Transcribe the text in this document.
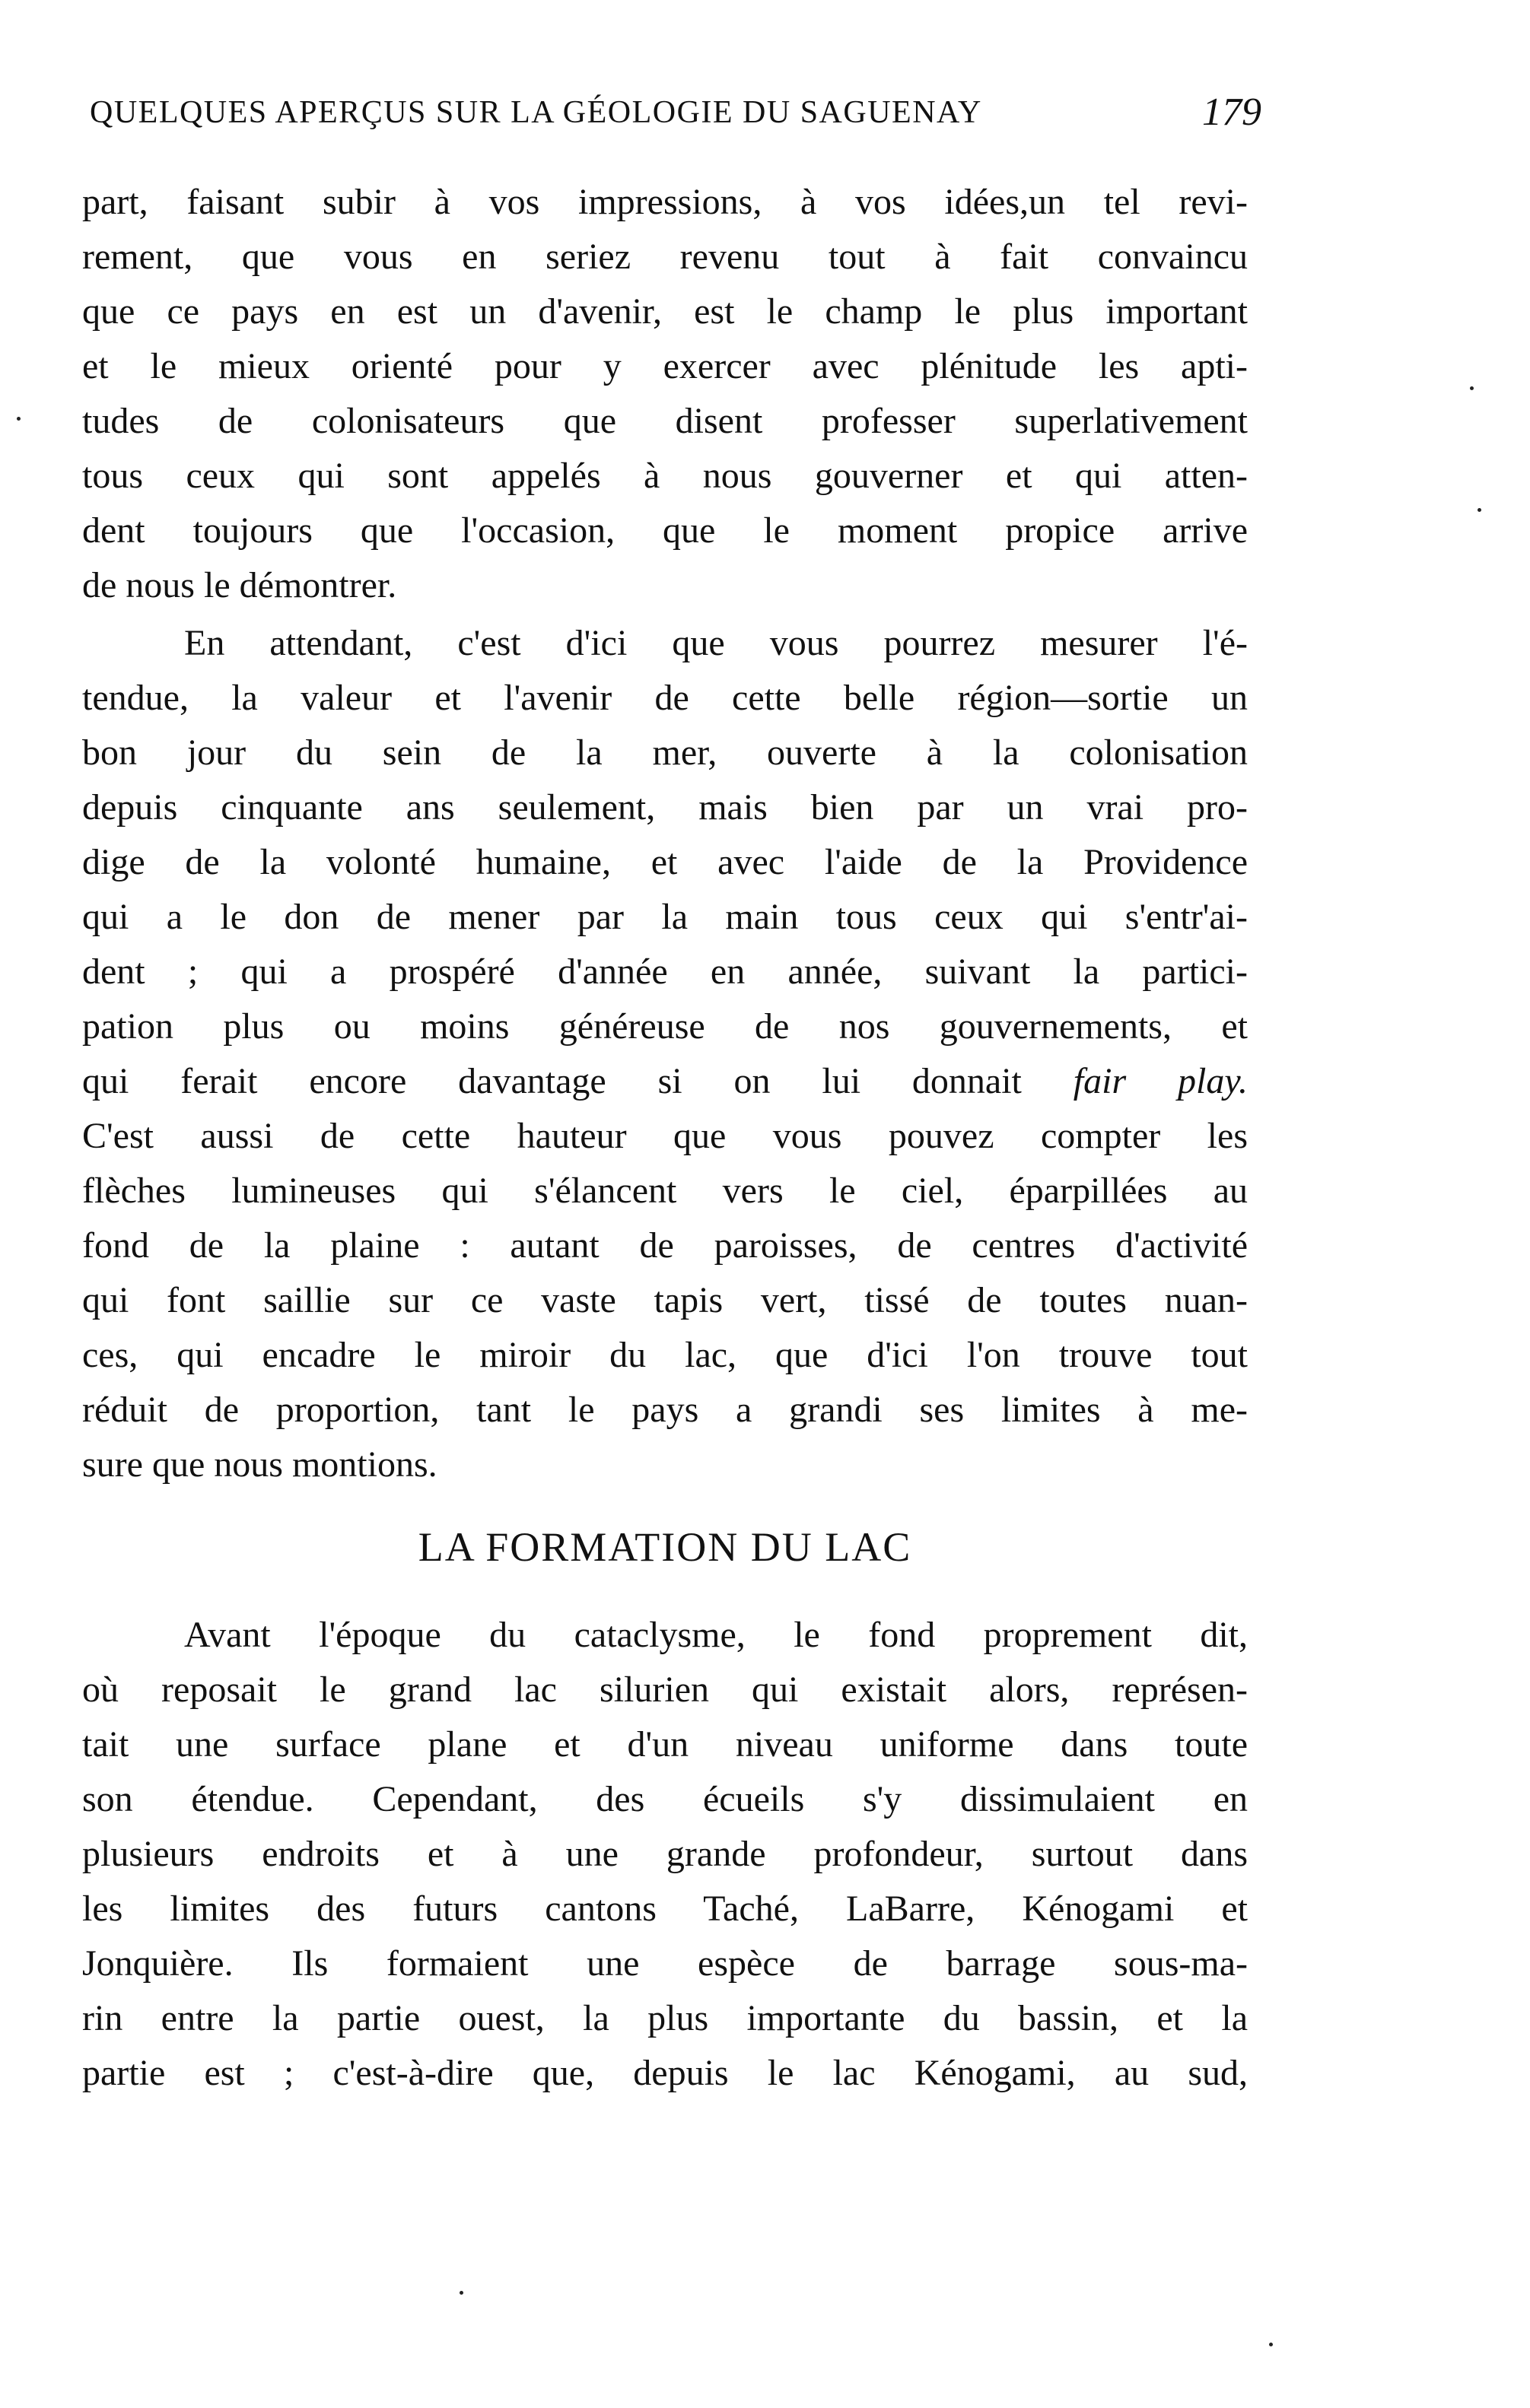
QUELQUES APERÇUS SUR LA GÉOLOGIE DU SAGUENAY	179
part, faisant subir à vos impressions, à vos idées,un tel revi-
rement, que vous en seriez revenu tout à fait convaincu
que ce pays en est un d'avenir, est le champ le plus important
et le mieux orienté pour y exercer avec plénitude les apti-
tudes de colonisateurs que disent professer superlativement
tous ceux qui sont appelés à nous gouverner et qui atten-
dent toujours que l'occasion, que le moment propice arrive
de nous le démontrer.
En attendant, c'est d'ici que vous pourrez mesurer l'é-
tendue, la valeur et l'avenir de cette belle région—sortie un
bon jour du sein de la mer, ouverte à la colonisation
depuis cinquante ans seulement, mais bien par un vrai pro-
dige de la volonté humaine, et avec l'aide de la Providence
qui a le don de mener par la main tous ceux qui s'entr'ai-
dent ; qui a prospéré d'année en année, suivant la partici-
pation plus ou moins généreuse de nos gouvernements, et
qui ferait encore davantage si on lui donnait fair play.
C'est aussi de cette hauteur que vous pouvez compter les
flèches lumineuses qui s'élancent vers le ciel, éparpillées au
fond de la plaine : autant de paroisses, de centres d'activité
qui font saillie sur ce vaste tapis vert, tissé de toutes nuan-
ces, qui encadre le miroir du lac, que d'ici l'on trouve tout
réduit de proportion, tant le pays a grandi ses limites à me-
sure que nous montions.
LA FORMATION DU LAC
Avant l'époque du cataclysme, le fond proprement dit,
où reposait le grand lac silurien qui existait alors, représen-
tait une surface plane et d'un niveau uniforme dans toute
son étendue. Cependant, des écueils s'y dissimulaient en
plusieurs endroits et à une grande profondeur, surtout dans
les limites des futurs cantons Taché, LaBarre, Kénogami et
Jonquière. Ils formaient une espèce de barrage sous-ma-
rin entre la partie ouest, la plus importante du bassin, et la
partie est ; c'est-à-dire que, depuis le lac Kénogami, au sud,
